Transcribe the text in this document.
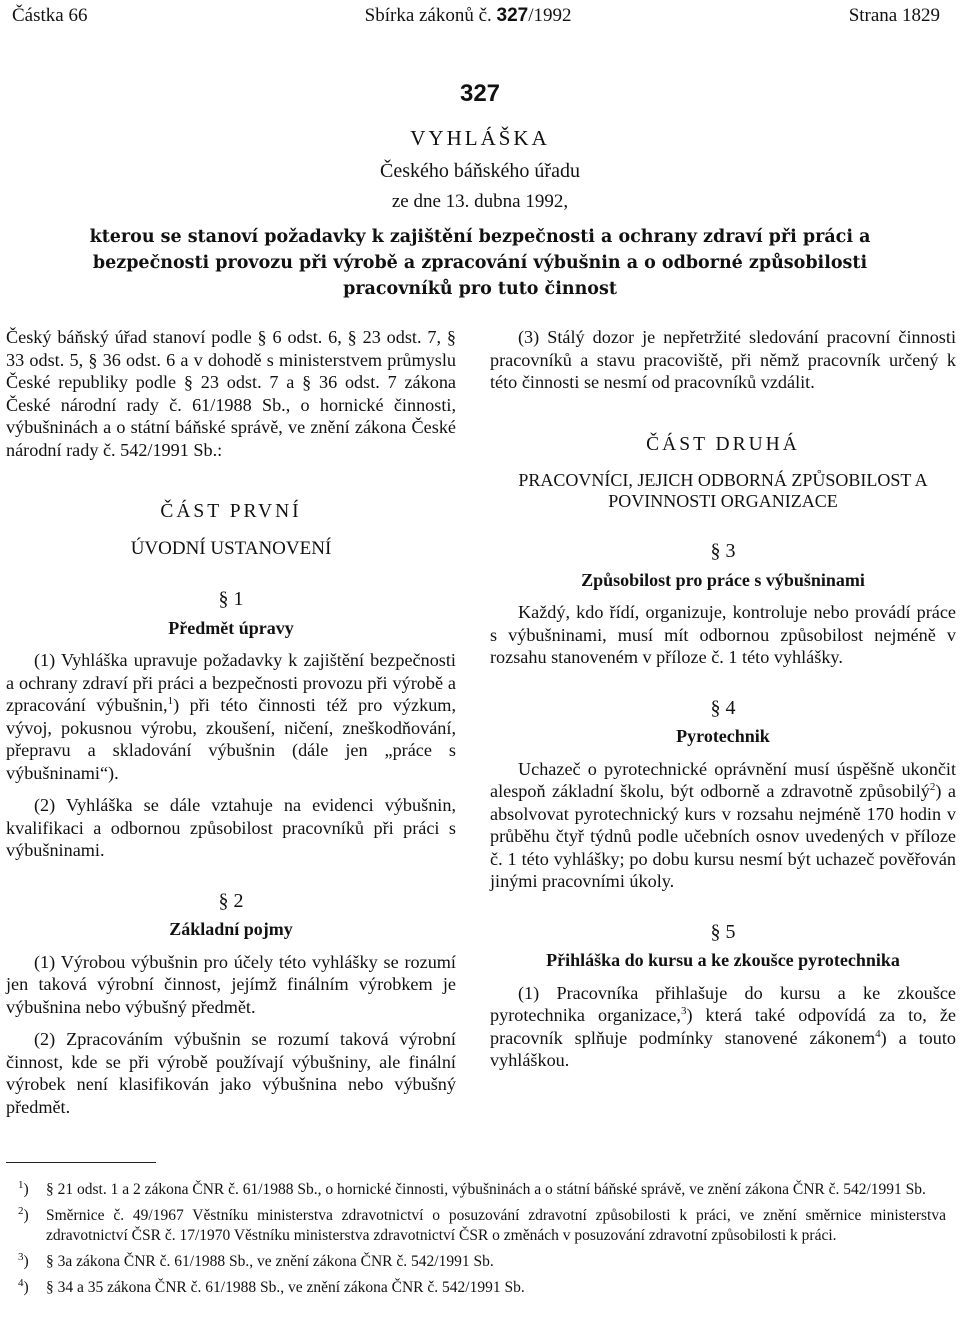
Částka 66	Sbírka zákonů č. 327/1992	Strana 1829
327
VYHLÁŠKA
Českého báňského úřadu
ze dne 13. dubna 1992,
kterou se stanoví požadavky k zajištění bezpečnosti a ochrany zdraví při práci a bezpečnosti provozu při výrobě a zpracování výbušnin a o odborné způsobilosti pracovníků pro tuto činnost

Český báňský úřad stanoví podle § 6 odst. 6, § 23 odst. 7, § 33 odst. 5, § 36 odst. 6 a v dohodě s ministerstvem průmyslu České republiky podle § 23 odst. 7 a § 36 odst. 7 zákona České národní rady č. 61/1988 Sb., o hornické činnosti, výbušninách a o státní báňské správě, ve znění zákona České národní rady č. 542/1991 Sb.:

ČÁST PRVNÍ
ÚVODNÍ USTANOVENÍ
§ 1
Předmět úpravy

(1) Vyhláška upravuje požadavky k zajištění bezpečnosti a ochrany zdraví při práci a bezpečnosti provozu při výrobě a zpracování výbušnin,$^1$) při této činnosti též pro výzkum, vývoj, pokusnou výrobu, zkoušení, ničení, zneškodňování, přepravu a skladování výbušnin (dále jen „práce s výbušninami“).

(2) Vyhláška se dále vztahuje na evidenci výbušnin, kvalifikaci a odbornou způsobilost pracovníků při práci s výbušninami.

§ 2
Základní pojmy

(1) Výrobou výbušnin pro účely této vyhlášky se rozumí jen taková výrobní činnost, jejímž finálním výrobkem je výbušnina nebo výbušný předmět.

(2) Zpracováním výbušnin se rozumí taková výrobní činnost, kde se při výrobě používají výbušniny, ale finální výrobek není klasifikován jako výbušnina nebo výbušný předmět.

(3) Stálý dozor je nepřetržité sledování pracovní činnosti pracovníků a stavu pracoviště, při němž pracovník určený k této činnosti se nesmí od pracovníků vzdálit.

ČÁST DRUHÁ
PRACOVNÍCI, JEJICH ODBORNÁ ZPŮSOBILOST A POVINNOSTI ORGANIZACE
§ 3
Způsobilost pro práce s výbušninami

Každý, kdo řídí, organizuje, kontroluje nebo provádí práce s výbušninami, musí mít odbornou způsobilost nejméně v rozsahu stanoveném v příloze č. 1 této vyhlášky.

§ 4
Pyrotechnik

Uchazeč o pyrotechnické oprávnění musí úspěšně ukončit alespoň základní školu, být odborně a zdravotně způsobilý$^2$) a absolvovat pyrotechnický kurs v rozsahu nejméně 170 hodin v průběhu čtyř týdnů podle učebních osnov uvedených v příloze č. 1 této vyhlášky; po dobu kursu nesmí být uchazeč pověřován jinými pracovními úkoly.

§ 5
Přihláška do kursu a ke zkoušce pyrotechnika

(1) Pracovníka přihlašuje do kursu a ke zkoušce pyrotechnika organizace,$^3$) která také odpovídá za to, že pracovník splňuje podmínky stanovené zákonem$^4$) a touto vyhláškou.

$^1$)	§ 21 odst. 1 a 2 zákona ČNR č. 61/1988 Sb., o hornické činnosti, výbušninách a o státní báňské správě, ve znění zákona ČNR č. 542/1991 Sb.
$^2$)	Směrnice č. 49/1967 Věstníku ministerstva zdravotnictví o posuzování zdravotní způsobilosti k práci, ve znění směrnice ministerstva zdravotnictví ČSR č. 17/1970 Věstníku ministerstva zdravotnictví ČSR o změnách v posuzování zdravotní způsobilosti k práci.
$^3$)	§ 3a zákona ČNR č. 61/1988 Sb., ve znění zákona ČNR č. 542/1991 Sb.
$^4$)	§ 34 a 35 zákona ČNR č. 61/1988 Sb., ve znění zákona ČNR č. 542/1991 Sb.
